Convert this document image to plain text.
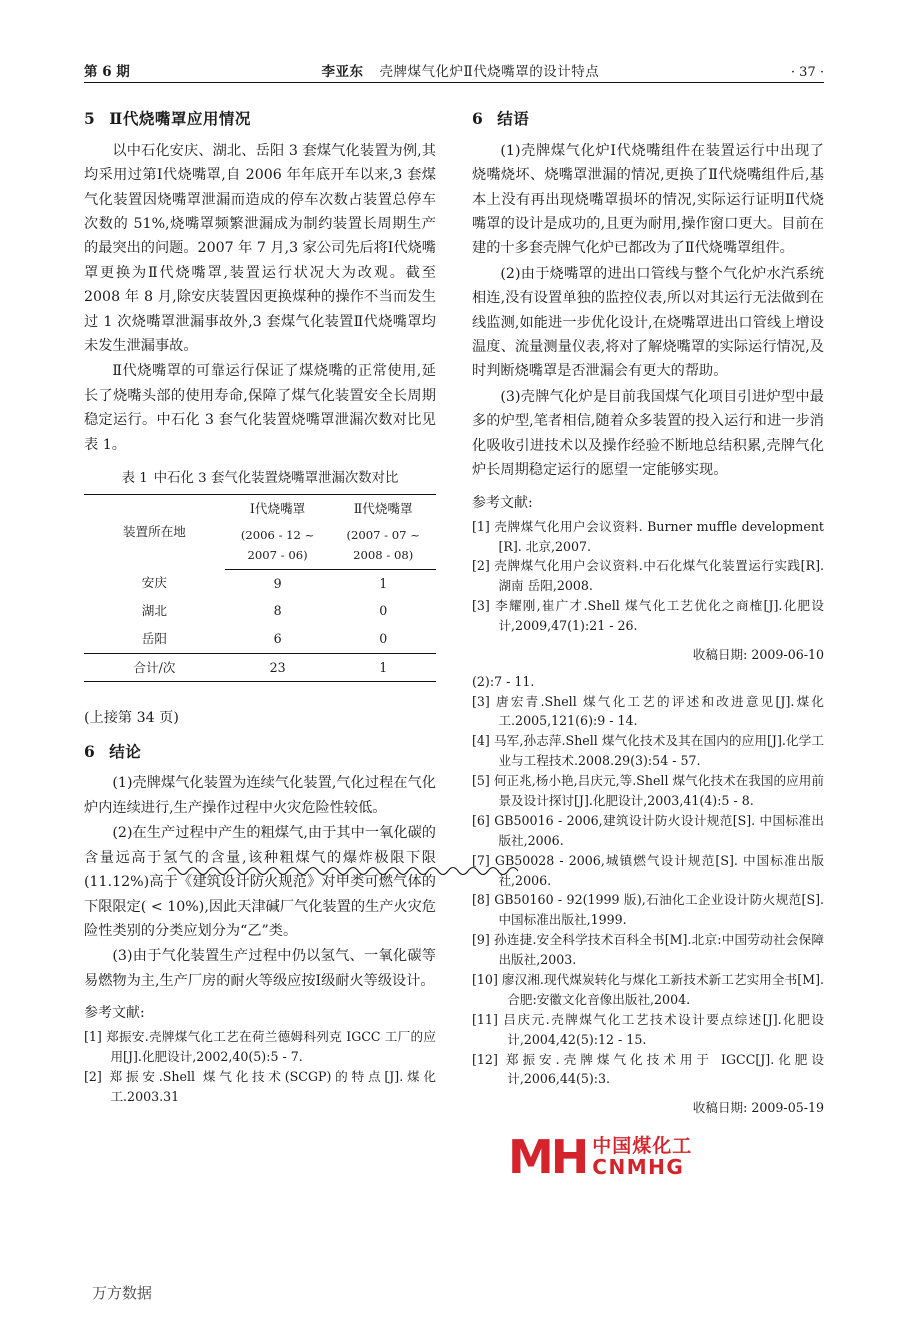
第 6 期	李亚东 壳牌煤气化炉Ⅱ代烧嘴罩的设计特点	· 37 ·
5 Ⅱ代烧嘴罩应用情况

以中石化安庆、湖北、岳阳 3 套煤气化装置为例,其均采用过第Ⅰ代烧嘴罩,自 2006 年年底开车以来,3 套煤气化装置因烧嘴罩泄漏而造成的停车次数占装置总停车次数的 51%,烧嘴罩频繁泄漏成为制约装置长周期生产的最突出的问题。2007 年 7 月,3 家公司先后将Ⅰ代烧嘴罩更换为Ⅱ代烧嘴罩,装置运行状况大为改观。截至 2008 年 8 月,除安庆装置因更换煤种的操作不当而发生过 1 次烧嘴罩泄漏事故外,3 套煤气化装置Ⅱ代烧嘴罩均未发生泄漏事故。

Ⅱ代烧嘴罩的可靠运行保证了煤烧嘴的正常使用,延长了烧嘴头部的使用寿命,保障了煤气化装置安全长周期稳定运行。中石化 3 套气化装置烧嘴罩泄漏次数对比见表 1。

表 1 中石化 3 套气化装置烧嘴罩泄漏次数对比
装置所在地	Ⅰ代烧嘴罩	Ⅱ代烧嘴罩
	(2006 - 12 ~ 2007 - 06)	(2007 - 07 ~ 2008 - 08)
安庆	9	1
湖北	8	0
岳阳	6	0
合计/次	23	1

(上接第 34 页)

6 结论

(1)壳牌煤气化装置为连续气化装置,气化过程在气化炉内连续进行,生产操作过程中火灾危险性较低。

(2)在生产过程中产生的粗煤气,由于其中一氧化碳的含量远高于氢气的含量,该种粗煤气的爆炸极限下限(11.12%)高于《建筑设计防火规范》对甲类可燃气体的下限限定( < 10%),因此天津碱厂气化装置的生产火灾危险性类别的分类应划分为“乙”类。

(3)由于气化装置生产过程中仍以氢气、一氧化碳等易燃物为主,生产厂房的耐火等级应按Ⅰ级耐火等级设计。

参考文献:

[1] 郑振安.壳牌煤气化工艺在荷兰德姆科列克 IGCC 工厂的应用[J].化肥设计,2002,40(5):5 - 7.

[2] 郑振安.Shell 煤气化技术(SCGP)的特点[J].煤化工.2003.31

6 结语

(1)壳牌煤气化炉Ⅰ代烧嘴组件在装置运行中出现了烧嘴烧坏、烧嘴罩泄漏的情况,更换了Ⅱ代烧嘴组件后,基本上没有再出现烧嘴罩损坏的情况,实际运行证明Ⅱ代烧嘴罩的设计是成功的,且更为耐用,操作窗口更大。目前在建的十多套壳牌气化炉已都改为了Ⅱ代烧嘴罩组件。

(2)由于烧嘴罩的进出口管线与整个气化炉水汽系统相连,没有设置单独的监控仪表,所以对其运行无法做到在线监测,如能进一步优化设计,在烧嘴罩进出口管线上增设温度、流量测量仪表,将对了解烧嘴罩的实际运行情况,及时判断烧嘴罩是否泄漏会有更大的帮助。

(3)壳牌气化炉是目前我国煤气化项目引进炉型中最多的炉型,笔者相信,随着众多装置的投入运行和进一步消化吸收引进技术以及操作经验不断地总结积累,壳牌气化炉长周期稳定运行的愿望一定能够实现。

参考文献:

[1] 壳牌煤气化用户会议资料. Burner muffle development [R]. 北京,2007.

[2] 壳牌煤气化用户会议资料.中石化煤气化装置运行实践[R]. 湖南 岳阳,2008.

[3] 李耀刚,崔广才.Shell 煤气化工艺优化之商榷[J].化肥设计,2009,47(1):21 - 26.

收稿日期: 2009-06-10

(2):7 - 11.

[3] 唐宏青.Shell 煤气化工艺的评述和改进意见[J].煤化工.2005,121(6):9 - 14.

[4] 马军,孙志萍.Shell 煤气化技术及其在国内的应用[J].化学工业与工程技术.2008.29(3):54 - 57.

[5] 何正兆,杨小艳,吕庆元,等.Shell 煤气化技术在我国的应用前景及设计探讨[J].化肥设计,2003,41(4):5 - 8.

[6] GB50016 - 2006,建筑设计防火设计规范[S]. 中国标准出版社,2006.

[7] GB50028 - 2006,城镇燃气设计规范[S]. 中国标准出版社,2006.

[8] GB50160 - 92(1999 版),石油化工企业设计防火规范[S]. 中国标准出版社,1999.

[9] 孙连捷.安全科学技术百科全书[M].北京:中国劳动社会保障出版社,2003.

[10] 廖汉湘.现代煤炭转化与煤化工新技术新工艺实用全书[M]. 合肥:安徽文化音像出版社,2004.

[11] 吕庆元.壳牌煤气化工艺技术设计要点综述[J].化肥设计,2004,42(5):12 - 15.

[12] 郑振安.壳牌煤气化技术用于 IGCC[J].化肥设计,2006,44(5):3.

收稿日期: 2009-05-19
МН 中国煤化工
CNMHG
万方数据
